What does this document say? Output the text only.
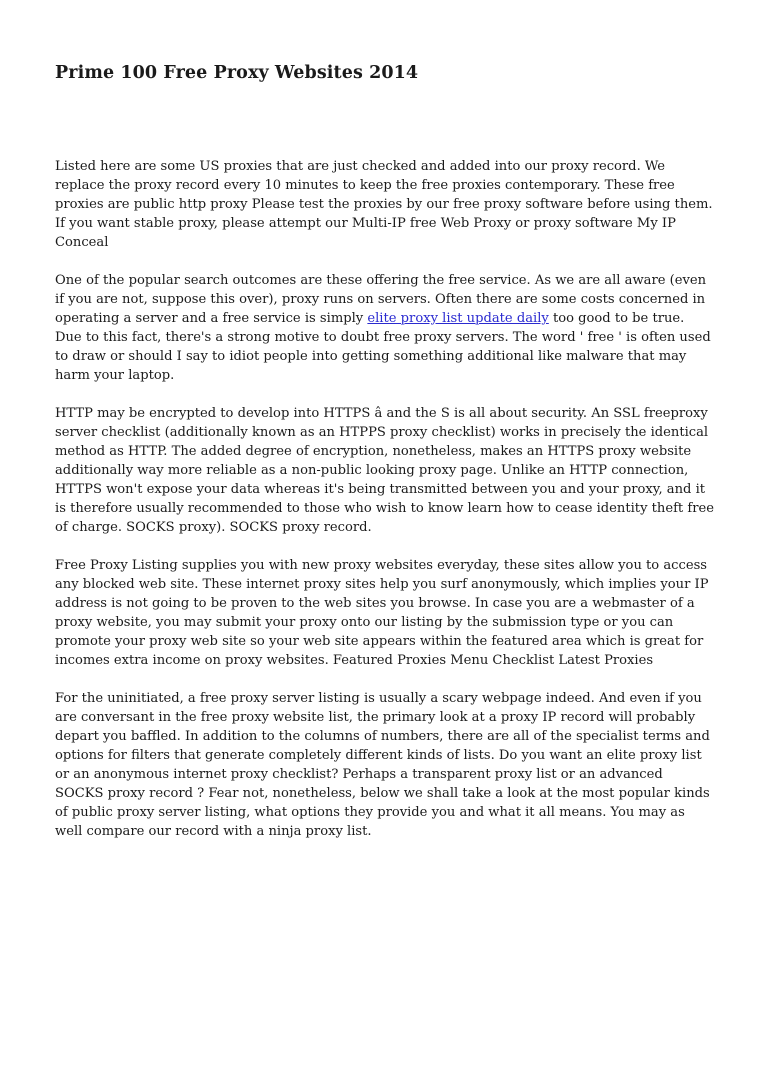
Prime 100 Free Proxy Websites 2014

Listed here are some US proxies that are just checked and added into our proxy record. We replace the proxy record every 10 minutes to keep the free proxies contemporary. These free proxies are public http proxy Please test the proxies by our free proxy software before using them. If you want stable proxy, please attempt our Multi-IP free Web Proxy or proxy software My IP Conceal

One of the popular search outcomes are these offering the free service. As we are all aware (even if you are not, suppose this over), proxy runs on servers. Often there are some costs concerned in operating a server and a free service is simply elite proxy list update daily too good to be true. Due to this fact, there's a strong motive to doubt free proxy servers. The word ' free ' is often used to draw or should I say to idiot people into getting something additional like malware that may harm your laptop.

HTTP may be encrypted to develop into HTTPS â and the S is all about security. An SSL freeproxy server checklist (additionally known as an HTPPS proxy checklist) works in precisely the identical method as HTTP. The added degree of encryption, nonetheless, makes an HTTPS proxy website additionally way more reliable as a non-public looking proxy page. Unlike an HTTP connection, HTTPS won't expose your data whereas it's being transmitted between you and your proxy, and it is therefore usually recommended to those who wish to know learn how to cease identity theft free of charge. SOCKS proxy). SOCKS proxy record.

Free Proxy Listing supplies you with new proxy websites everyday, these sites allow you to access any blocked web site. These internet proxy sites help you surf anonymously, which implies your IP address is not going to be proven to the web sites you browse. In case you are a webmaster of a proxy website, you may submit your proxy onto our listing by the submission type or you can promote your proxy web site so your web site appears within the featured area which is great for incomes extra income on proxy websites. Featured Proxies Menu Checklist Latest Proxies

For the uninitiated, a free proxy server listing is usually a scary webpage indeed. And even if you are conversant in the free proxy website list, the primary look at a proxy IP record will probably depart you baffled. In addition to the columns of numbers, there are all of the specialist terms and options for filters that generate completely different kinds of lists. Do you want an elite proxy list or an anonymous internet proxy checklist? Perhaps a transparent proxy list or an advanced SOCKS proxy record ? Fear not, nonetheless, below we shall take a look at the most popular kinds of public proxy server listing, what options they provide you and what it all means. You may as well compare our record with a ninja proxy list.
